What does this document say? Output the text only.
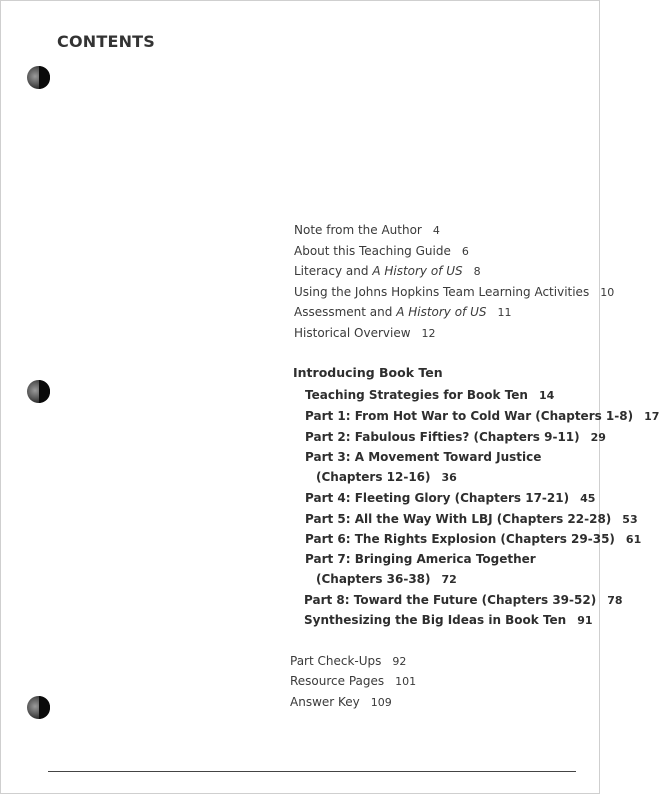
CONTENTS
Note from the Author 4
About this Teaching Guide 6
Literacy and A History of US 8
Using the Johns Hopkins Team Learning Activities 10
Assessment and A History of US 11
Historical Overview 12
Introducing Book Ten
Teaching Strategies for Book Ten 14
Part 1: From Hot War to Cold War (Chapters 1-8) 17
Part 2: Fabulous Fifties? (Chapters 9-11) 29
Part 3: A Movement Toward Justice
(Chapters 12-16) 36
Part 4: Fleeting Glory (Chapters 17-21) 45
Part 5: All the Way With LBJ (Chapters 22-28) 53
Part 6: The Rights Explosion (Chapters 29-35) 61
Part 7: Bringing America Together
(Chapters 36-38) 72
Part 8: Toward the Future (Chapters 39-52) 78
Synthesizing the Big Ideas in Book Ten 91
Part Check-Ups 92
Resource Pages 101
Answer Key 109
